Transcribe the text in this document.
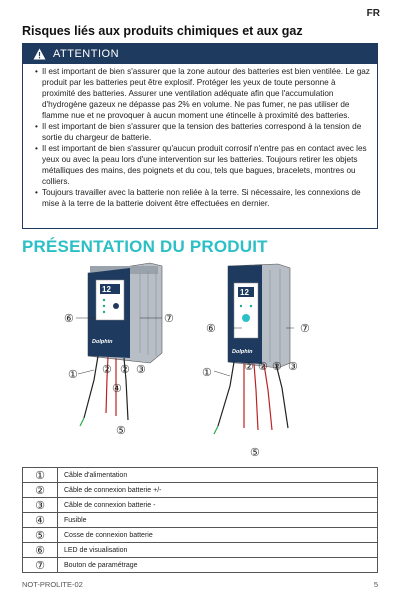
FR
Risques liés aux produits chimiques et aux gaz
ATTENTION
• Il est important de bien s'assurer que la zone autour des batteries est bien ventilée. Le gaz produit par les batteries peut être explosif. Protéger les yeux de toute personne à proximité des batteries. Assurer une ventilation adéquate afin que l'accumulation d'hydrogène gazeux ne dépasse pas 2% en volume. Ne pas fumer, ne pas utiliser de flamme nue et ne provoquer à aucun moment une étincelle à proximité des batteries.
• Il est important de bien s'assurer que la tension des batteries correspond à la tension de sortie du chargeur de batterie.
• Il est important de bien s'assurer qu'aucun produit corrosif n'entre pas en contact avec les yeux ou avec la peau lors d'une intervention sur les batteries. Toujours retirer les objets métalliques des mains, des poignets et du cou, tels que bagues, bracelets, montres ou colliers.
• Toujours travailler avec la batterie non reliée à la terre. Si nécessaire, les connexions de mise à la terre de la batterie doivent être effectuées en dernier.
PRÉSENTATION DU PRODUIT
12
Dolphin
12
Dolphin
⑥	⑦
① ② ② ③
④
⑤
⑥	⑦
①	② ② ② ③
⑤
①	Câble d'alimentation
②	Câble de connexion batterie +/-
③	Câble de connexion batterie -
④	Fusible
⑤	Cosse de connexion batterie
⑥	LED de visualisation
⑦	Bouton de paramétrage
NOT-PROLITE-02	5
